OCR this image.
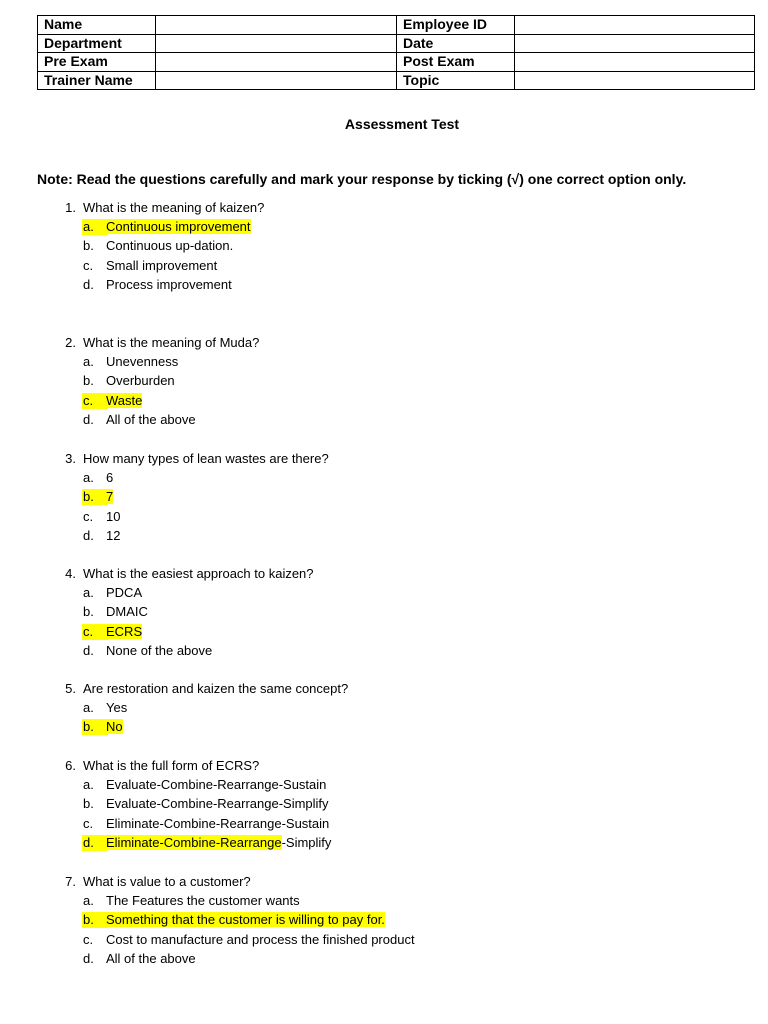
Name		Employee ID	
Department		Date	
Pre Exam		Post Exam	
Trainer Name		Topic	
Assessment Test
Note: Read the questions carefully and mark your response by ticking (√) one correct option only.
1. What is the meaning of kaizen?
a. Continuous improvement
b. Continuous up-dation.
c. Small improvement
d. Process improvement
2. What is the meaning of Muda?
a. Unevenness
b. Overburden
c. Waste
d. All of the above
3. How many types of lean wastes are there?
a. 6
b. 7
c. 10
d. 12
4. What is the easiest approach to kaizen?
a. PDCA
b. DMAIC
c. ECRS
d. None of the above
5. Are restoration and kaizen the same concept?
a. Yes
b. No
6. What is the full form of ECRS?
a. Evaluate-Combine-Rearrange-Sustain
b. Evaluate-Combine-Rearrange-Simplify
c. Eliminate-Combine-Rearrange-Sustain
d. Eliminate-Combine-Rearrange-Simplify
7. What is value to a customer?
a. The Features the customer wants
b. Something that the customer is willing to pay for.
c. Cost to manufacture and process the finished product
d. All of the above
